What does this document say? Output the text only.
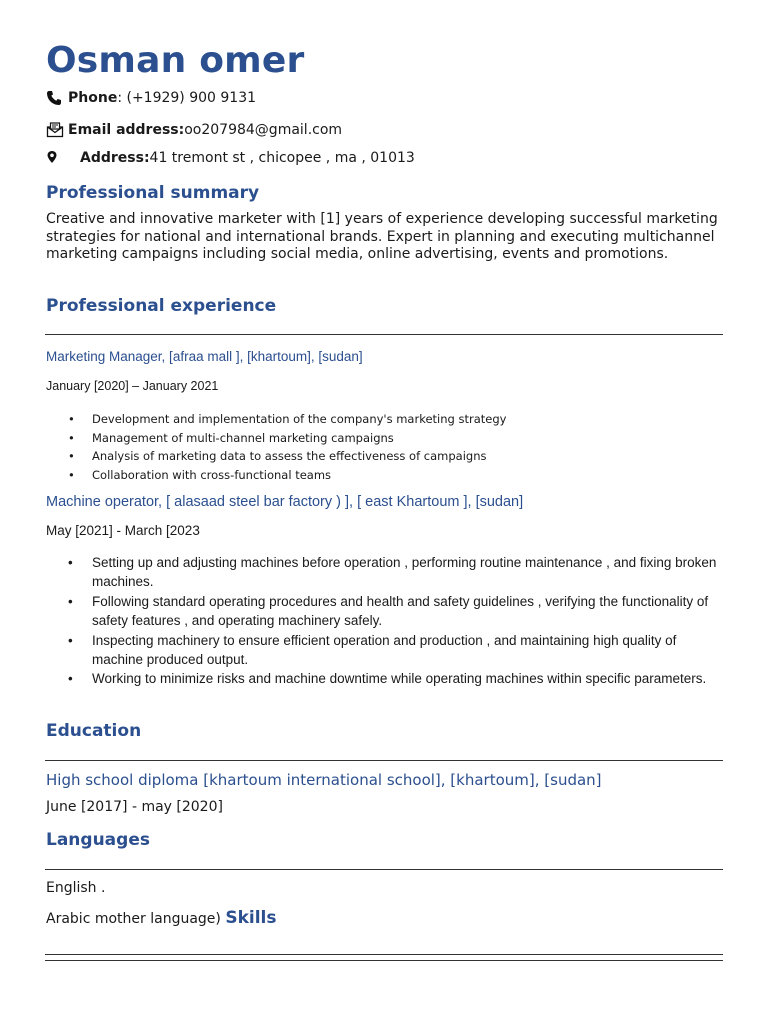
Osman omer
Phone : (+1929) 900 9131
Email address: oo207984@gmail.com
Address: 41 tremont st , chicopee , ma , 01013
Professional summary
Creative and innovative marketer with [1] years of experience developing successful marketing strategies for national and international brands. Expert in planning and executing multichannel marketing campaigns including social media, online advertising, events and promotions.
Professional experience
Marketing Manager, [afraa mall ], [khartoum], [sudan]
January [2020] – January 2021
• Development and implementation of the company's marketing strategy
• Management of multi-channel marketing campaigns
• Analysis of marketing data to assess the effectiveness of campaigns
• Collaboration with cross-functional teams
Machine operator, [ alasaad steel bar factory ) ], [ east Khartoum ], [sudan]
May [2021] - March [2023
• Setting up and adjusting machines before operation , performing routine maintenance , and fixing broken machines.
• Following standard operating procedures and health and safety guidelines , verifying the functionality of safety features , and operating machinery safely.
• Inspecting machinery to ensure efficient operation and production , and maintaining high quality of machine produced output.
• Working to minimize risks and machine downtime while operating machines within specific parameters.
Education
High school diploma [khartoum international school], [khartoum], [sudan]
June [2017] - may [2020]
Languages
English .
Arabic mother language) Skills
